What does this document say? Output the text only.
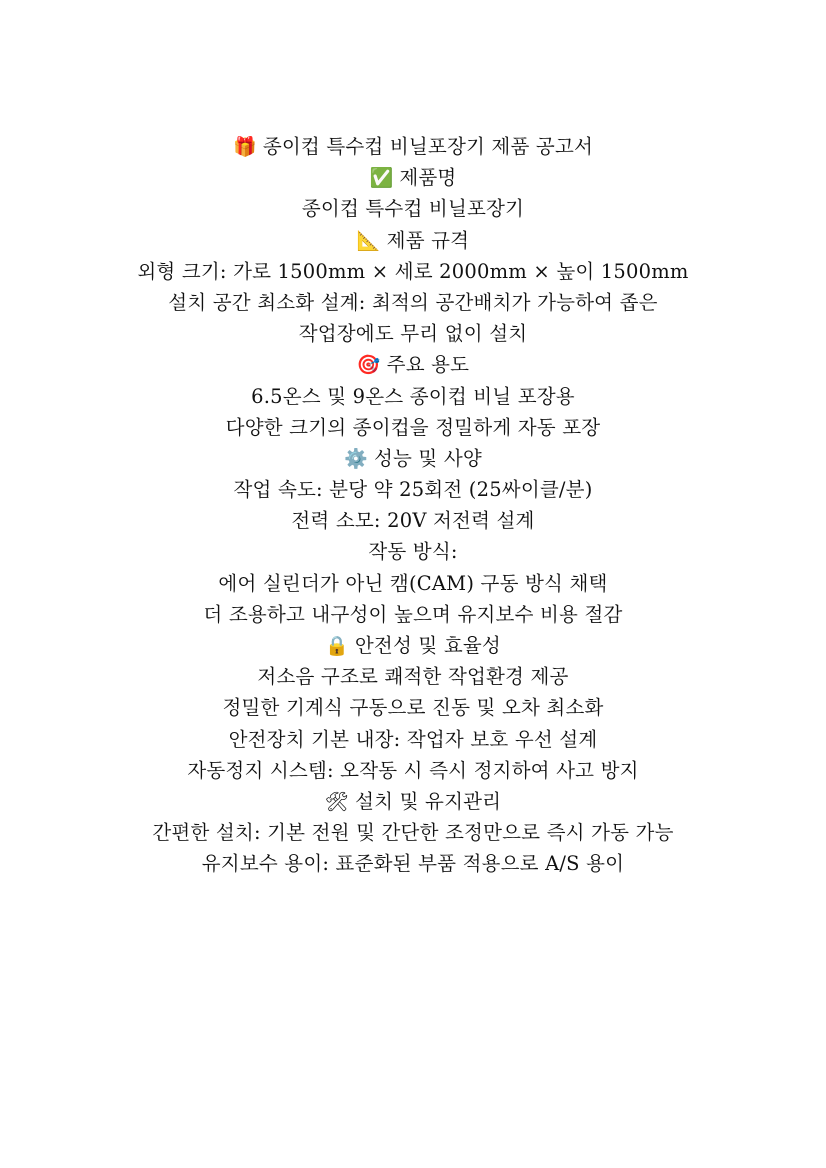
🎁 종이컵 특수컵 비닐포장기 제품 공고서
✅ 제품명
종이컵 특수컵 비닐포장기
📐 제품 규격
외형 크기: 가로 1500mm × 세로 2000mm × 높이 1500mm
설치 공간 최소화 설계: 최적의 공간배치가 가능하여 좁은
작업장에도 무리 없이 설치
🎯 주요 용도
6.5온스 및 9온스 종이컵 비닐 포장용
다양한 크기의 종이컵을 정밀하게 자동 포장
⚙️ 성능 및 사양
작업 속도: 분당 약 25회전 (25싸이클/분)
전력 소모: 20V 저전력 설계
작동 방식:
에어 실린더가 아닌 캠(CAM) 구동 방식 채택
더 조용하고 내구성이 높으며 유지보수 비용 절감
🔒 안전성 및 효율성
저소음 구조로 쾌적한 작업환경 제공
정밀한 기계식 구동으로 진동 및 오차 최소화
안전장치 기본 내장: 작업자 보호 우선 설계
자동정지 시스템: 오작동 시 즉시 정지하여 사고 방지
🛠 설치 및 유지관리
간편한 설치: 기본 전원 및 간단한 조정만으로 즉시 가동 가능
유지보수 용이: 표준화된 부품 적용으로 A/S 용이
